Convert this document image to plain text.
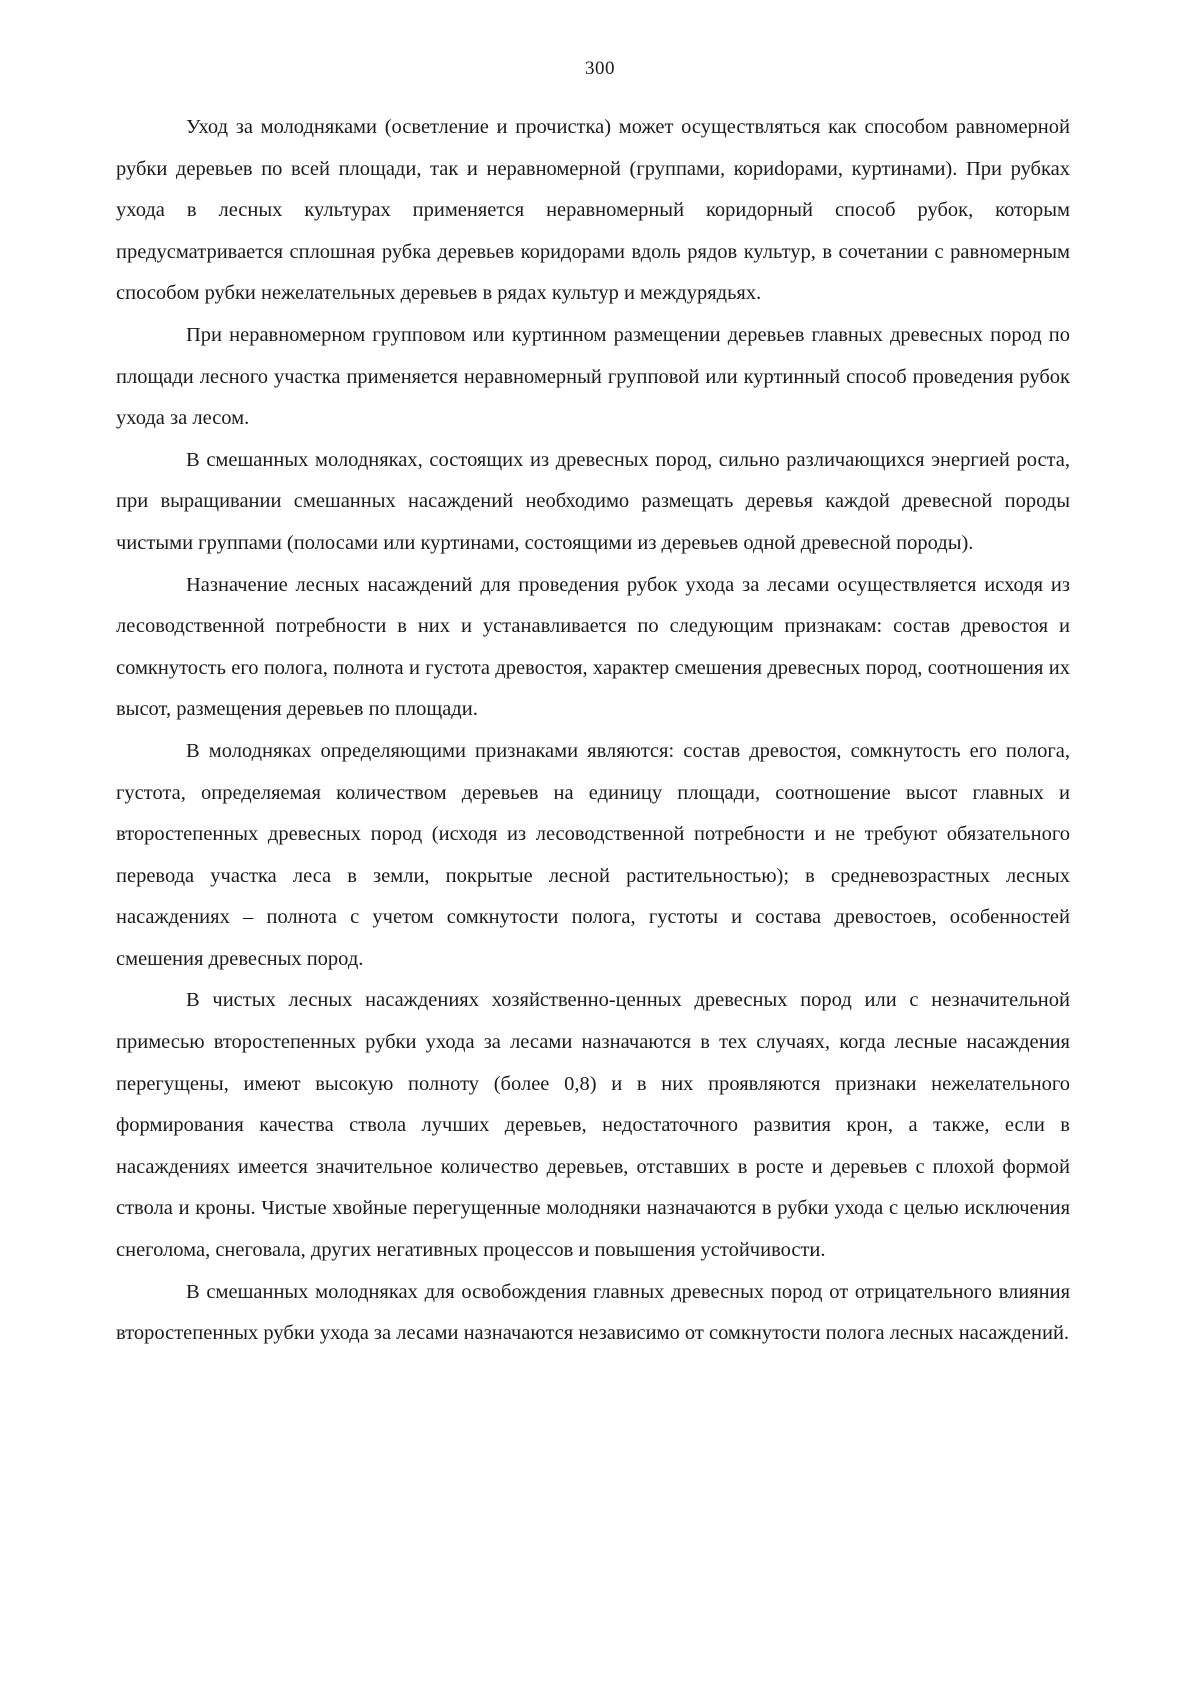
300

Уход за молодняками (осветление и прочистка) может осуществляться как способом равномерной рубки деревьев по всей площади, так и неравномерной (группами, кориdорами, куртинами). При рубках ухода в лесных культурах применяется неравномерный коридорный способ рубок, которым предусматривается сплошная рубка деревьев коридорами вдоль рядов культур, в сочетании с равномерным способом рубки нежелательных деревьев в рядах культур и междурядьях.

При неравномерном групповом или куртинном размещении деревьев главных древесных пород по площади лесного участка применяется неравномерный групповой или куртинный способ проведения рубок ухода за лесом.

В смешанных молодняках, состоящих из древесных пород, сильно различающихся энергией роста, при выращивании смешанных насаждений необходимо размещать деревья каждой древесной породы чистыми группами (полосами или куртинами, состоящими из деревьев одной древесной породы).

Назначение лесных насаждений для проведения рубок ухода за лесами осуществляется исходя из лесоводственной потребности в них и устанавливается по следующим признакам: состав древостоя и сомкнутость его полога, полнота и густота древостоя, характер смешения древесных пород, соотношения их высот, размещения деревьев по площади.

В молодняках определяющими признаками являются: состав древостоя, сомкнутость его полога, густота, определяемая количеством деревьев на единицу площади, соотношение высот главных и второстепенных древесных пород (исходя из лесоводственной потребности и не требуют обязательного перевода участка леса в земли, покрытые лесной растительностью); в средневозрастных лесных насаждениях – полнота с учетом сомкнутости полога, густоты и состава древостоев, особенностей смешения древесных пород.

В чистых лесных насаждениях хозяйственно-ценных древесных пород или с незначительной примесью второстепенных рубки ухода за лесами назначаются в тех случаях, когда лесные насаждения перегущены, имеют высокую полноту (более 0,8) и в них проявляются признаки нежелательного формирования качества ствола лучших деревьев, недостаточного развития крон, а также, если в насаждениях имеется значительное количество деревьев, отставших в росте и деревьев с плохой формой ствола и кроны. Чистые хвойные перегущенные молодняки назначаются в рубки ухода с целью исключения снеголома, снеговала, других негативных процессов и повышения устойчивости.

В смешанных молодняках для освобождения главных древесных пород от отрицательного влияния второстепенных рубки ухода за лесами назначаются независимо от сомкнутости полога лесных насаждений.
